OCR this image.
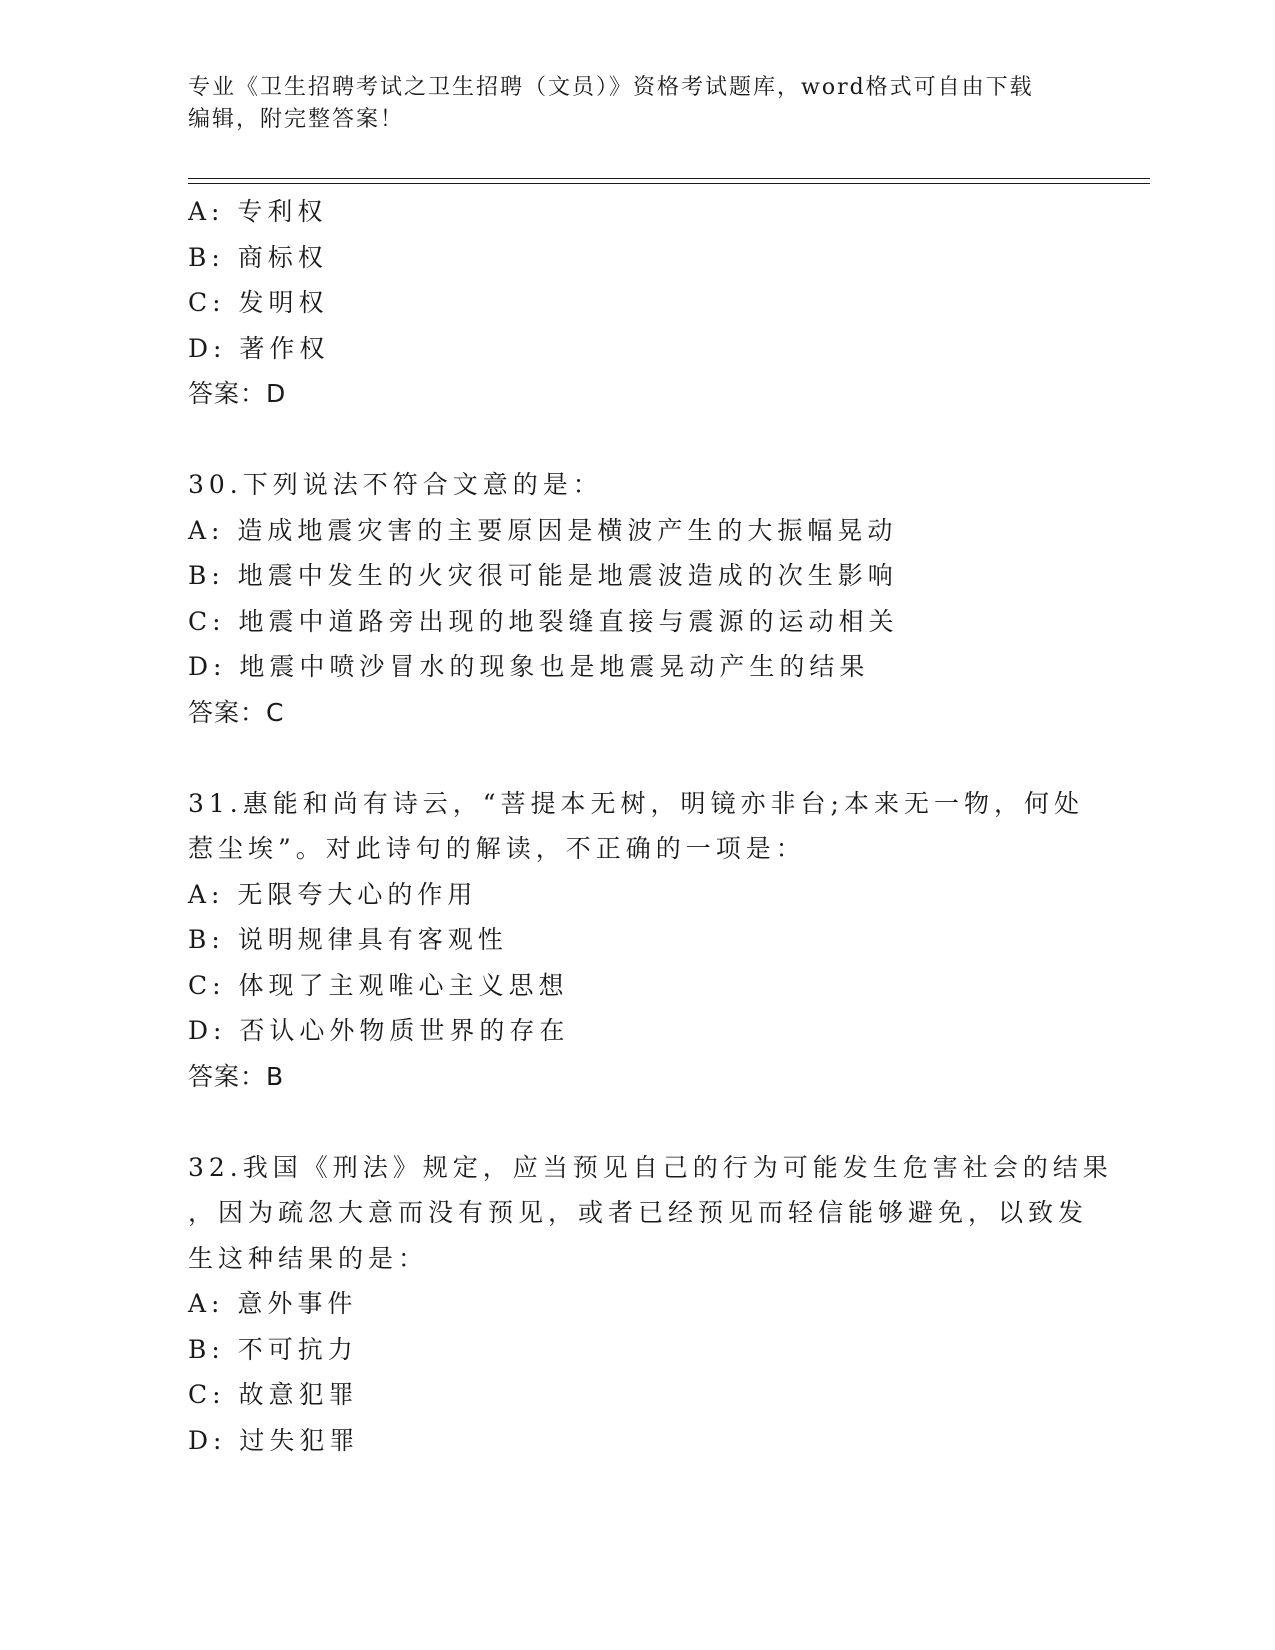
专业《卫生招聘考试之卫生招聘（文员）》资格考试题库，word格式可自由下载
编辑，附完整答案！
A: 专利权
B: 商标权
C: 发明权
D: 著作权
答案：D
30.下列说法不符合文意的是：
A: 造成地震灾害的主要原因是横波产生的大振幅晃动
B: 地震中发生的火灾很可能是地震波造成的次生影响
C: 地震中道路旁出现的地裂缝直接与震源的运动相关
D: 地震中喷沙冒水的现象也是地震晃动产生的结果
答案：C
31.惠能和尚有诗云，“菩提本无树，明镜亦非台;本来无一物，何处
惹尘埃”。对此诗句的解读，不正确的一项是：
A: 无限夸大心的作用
B: 说明规律具有客观性
C: 体现了主观唯心主义思想
D: 否认心外物质世界的存在
答案：B
32.我国《刑法》规定，应当预见自己的行为可能发生危害社会的结果
，因为疏忽大意而没有预见，或者已经预见而轻信能够避免，以致发
生这种结果的是：
A: 意外事件
B: 不可抗力
C: 故意犯罪
D: 过失犯罪
